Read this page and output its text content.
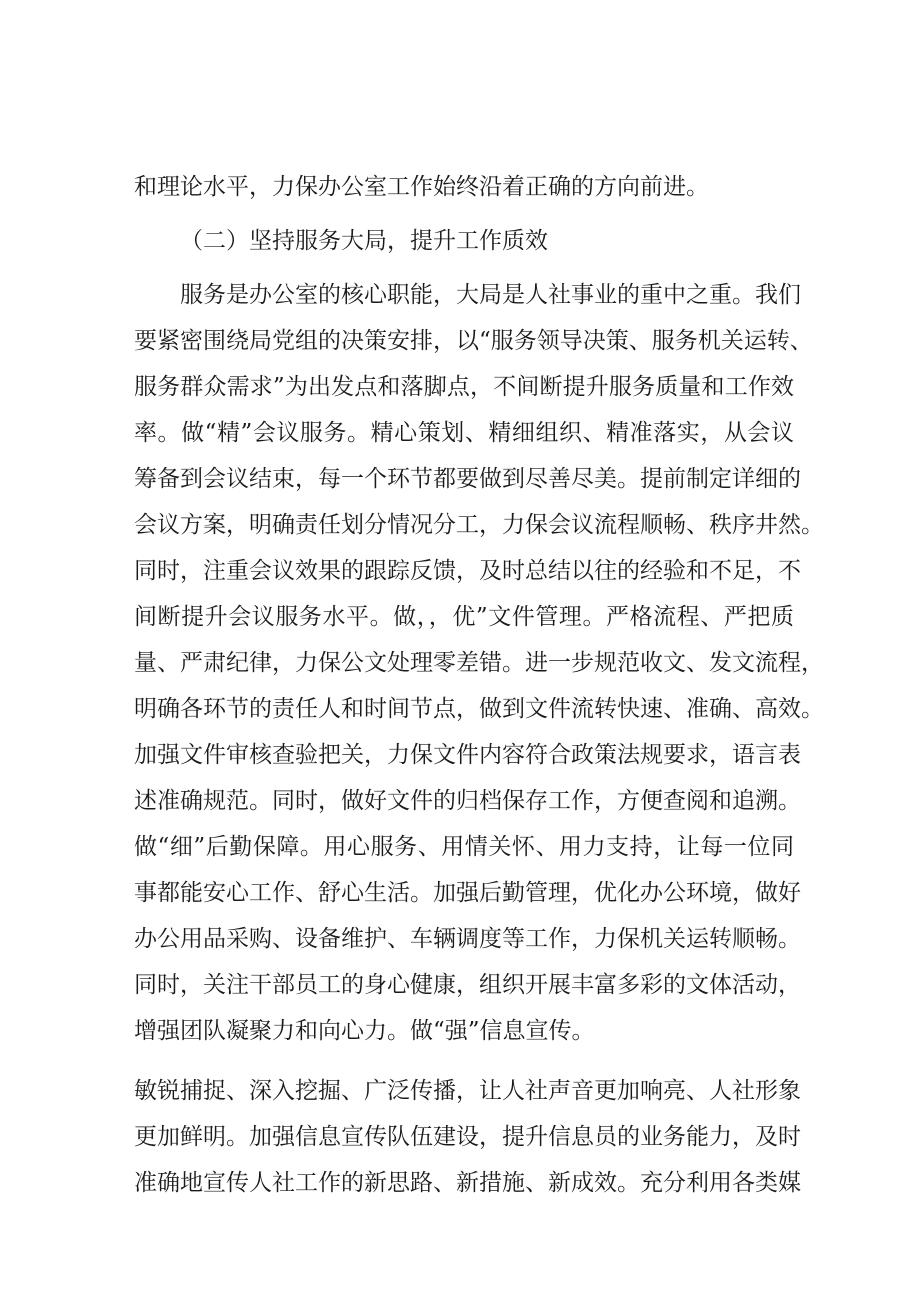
和理论水平，力保办公室工作始终沿着正确的方向前进。
（二）坚持服务大局，提升工作质效
服务是办公室的核心职能，大局是人社事业的重中之重。我们
要紧密围绕局党组的决策安排，以“服务领导决策、服务机关运转、
服务群众需求”为出发点和落脚点，不间断提升服务质量和工作效
率。做“精”会议服务。精心策划、精细组织、精准落实，从会议
筹备到会议结束，每一个环节都要做到尽善尽美。提前制定详细的
会议方案，明确责任划分情况分工，力保会议流程顺畅、秩序井然。
同时，注重会议效果的跟踪反馈，及时总结以往的经验和不足，不
间断提升会议服务水平。做，，优”文件管理。严格流程、严把质
量、严肃纪律，力保公文处理零差错。进一步规范收文、发文流程，
明确各环节的责任人和时间节点，做到文件流转快速、准确、高效。
加强文件审核查验把关，力保文件内容符合政策法规要求，语言表
述准确规范。同时，做好文件的归档保存工作，方便查阅和追溯。
做“细”后勤保障。用心服务、用情关怀、用力支持，让每一位同
事都能安心工作、舒心生活。加强后勤管理，优化办公环境，做好
办公用品采购、设备维护、车辆调度等工作，力保机关运转顺畅。
同时，关注干部员工的身心健康，组织开展丰富多彩的文体活动，
增强团队凝聚力和向心力。做“强”信息宣传。
敏锐捕捉、深入挖掘、广泛传播，让人社声音更加响亮、人社形象
更加鲜明。加强信息宣传队伍建设，提升信息员的业务能力，及时
准确地宣传人社工作的新思路、新措施、新成效。充分利用各类媒
